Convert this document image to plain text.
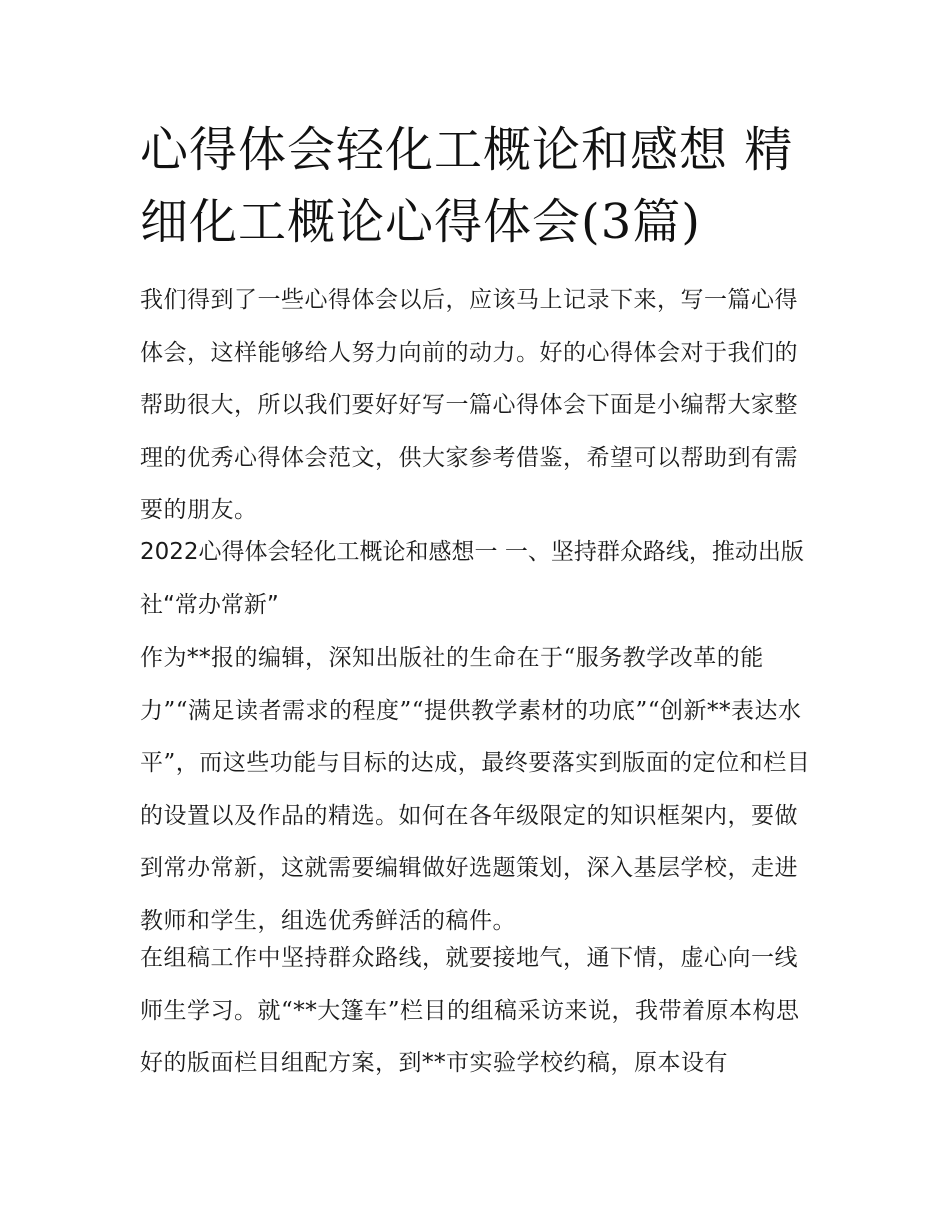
心得体会轻化工概论和感想 精细化工概论心得体会(3篇)

我们得到了一些心得体会以后，应该马上记录下来，写一篇心得体会，这样能够给人努力向前的动力。好的心得体会对于我们的帮助很大，所以我们要好好写一篇心得体会下面是小编帮大家整理的优秀心得体会范文，供大家参考借鉴，希望可以帮助到有需要的朋友。

2022心得体会轻化工概论和感想一 一、坚持群众路线，推动出版社“常办常新”

作为**报的编辑，深知出版社的生命在于“服务教学改革的能力”“满足读者需求的程度”“提供教学素材的功底”“创新**表达水平”，而这些功能与目标的达成，最终要落实到版面的定位和栏目的设置以及作品的精选。如何在各年级限定的知识框架内，要做到常办常新，这就需要编辑做好选题策划，深入基层学校，走进教师和学生，组选优秀鲜活的稿件。

在组稿工作中坚持群众路线，就要接地气，通下情，虚心向一线师生学习。就“**大篷车”栏目的组稿采访来说，我带着原本构思好的版面栏目组配方案，到**市实验学校约稿，原本设有
